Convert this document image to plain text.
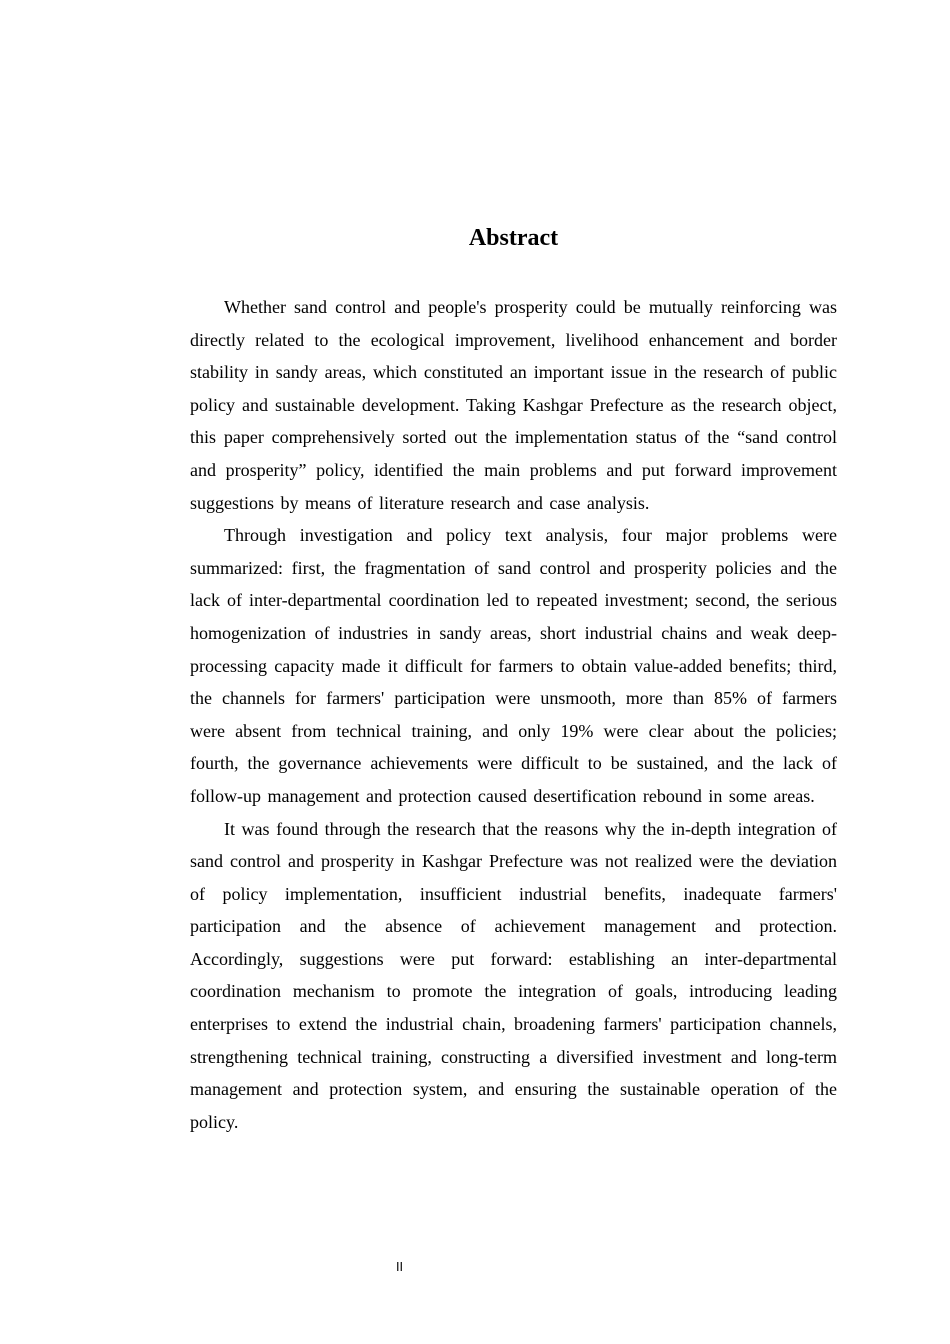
Abstract

Whether sand control and people's prosperity could be mutually reinforcing was directly related to the ecological improvement, livelihood enhancement and border stability in sandy areas, which constituted an important issue in the research of public policy and sustainable development. Taking Kashgar Prefecture as the research object, this paper comprehensively sorted out the implementation status of the “sand control and prosperity” policy, identified the main problems and put forward improvement suggestions by means of literature research and case analysis.

Through investigation and policy text analysis, four major problems were summarized: first, the fragmentation of sand control and prosperity policies and the lack of inter-departmental coordination led to repeated investment; second, the serious homogenization of industries in sandy areas, short industrial chains and weak deep-processing capacity made it difficult for farmers to obtain value-added benefits; third, the channels for farmers' participation were unsmooth, more than 85% of farmers were absent from technical training, and only 19% were clear about the policies; fourth, the governance achievements were difficult to be sustained, and the lack of follow-up management and protection caused desertification rebound in some areas.

It was found through the research that the reasons why the in-depth integration of sand control and prosperity in Kashgar Prefecture was not realized were the deviation of policy implementation, insufficient industrial benefits, inadequate farmers' participation and the absence of achievement management and protection. Accordingly, suggestions were put forward: establishing an inter-departmental coordination mechanism to promote the integration of goals, introducing leading enterprises to extend the industrial chain, broadening farmers' participation channels, strengthening technical training, constructing a diversified investment and long-term management and protection system, and ensuring the sustainable operation of the policy.

II
